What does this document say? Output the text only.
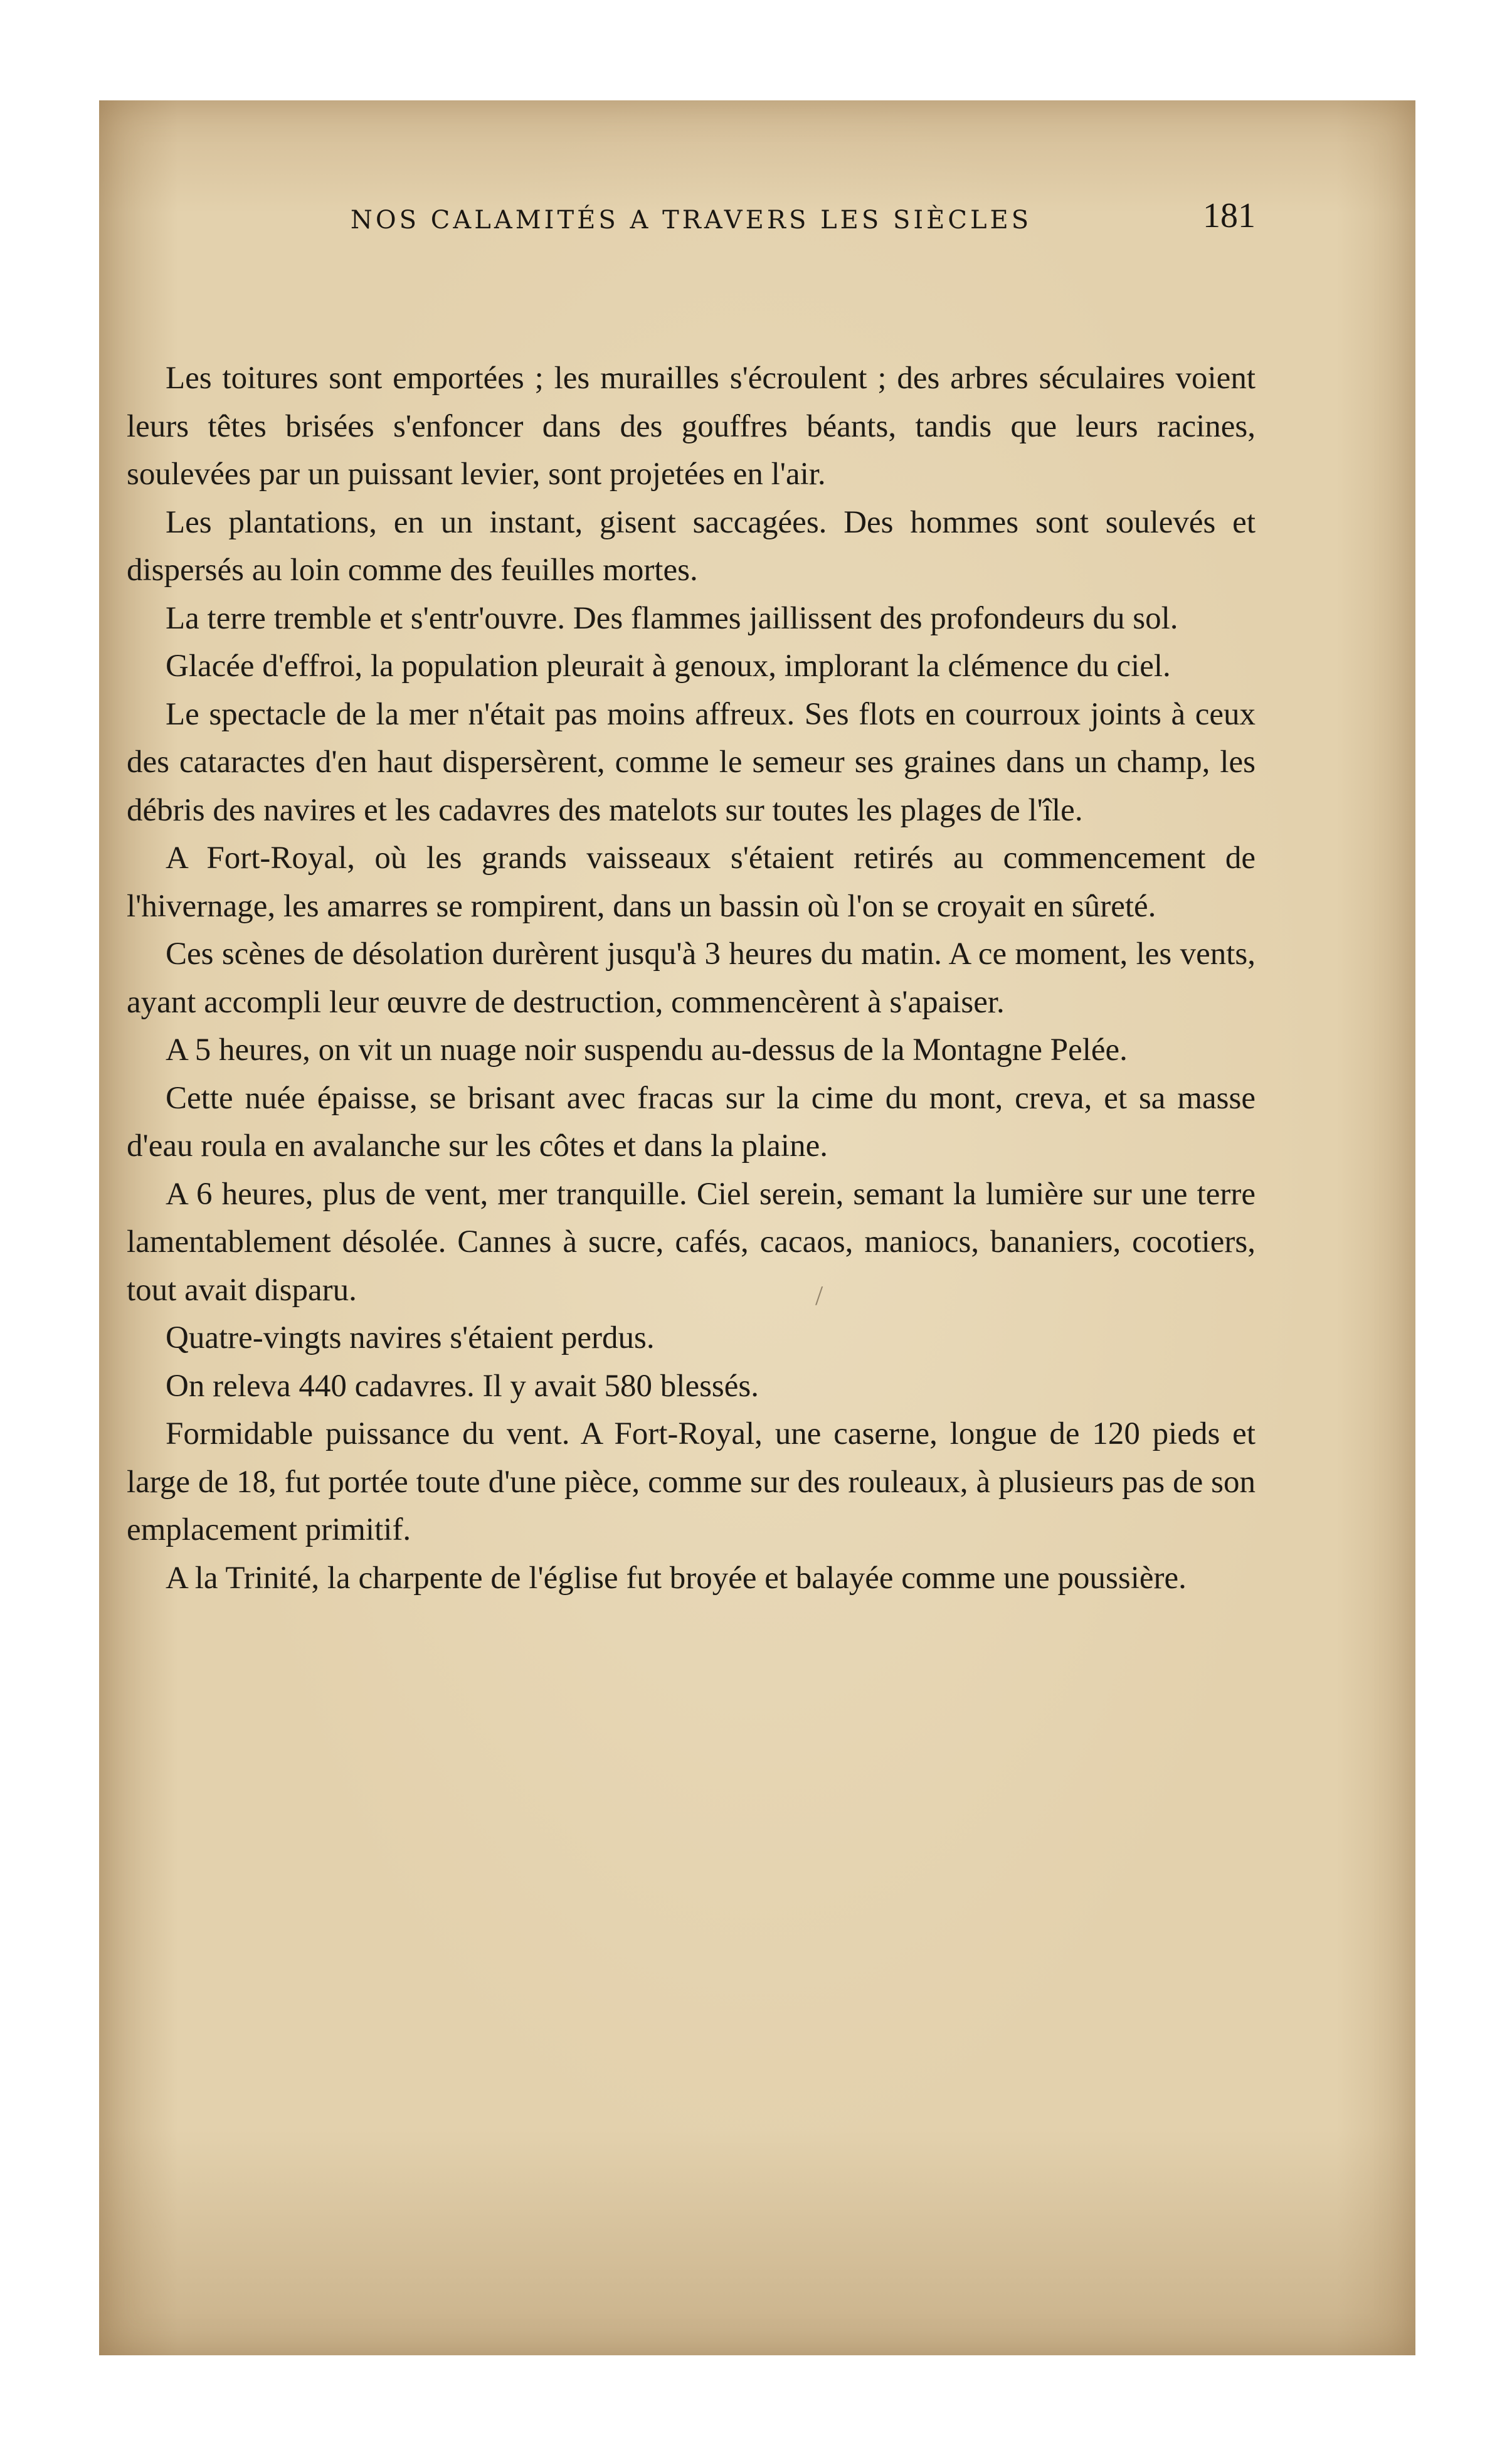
NOS CALAMITÉS A TRAVERS LES SIÈCLES	181

Les toitures sont emportées ; les murailles s'écroulent ; des arbres séculaires voient leurs têtes brisées s'enfoncer dans des gouffres béants, tandis que leurs racines, soulevées par un puissant levier, sont projetées en l'air.

Les plantations, en un instant, gisent saccagées. Des hommes sont soulevés et dispersés au loin comme des feuilles mortes.

La terre tremble et s'entr'ouvre. Des flammes jaillissent des profondeurs du sol.

Glacée d'effroi, la population pleurait à genoux, implorant la clémence du ciel.

Le spectacle de la mer n'était pas moins affreux. Ses flots en courroux joints à ceux des cataractes d'en haut dispersèrent, comme le semeur ses graines dans un champ, les débris des navires et les cadavres des matelots sur toutes les plages de l'île.

A Fort-Royal, où les grands vaisseaux s'étaient retirés au commencement de l'hivernage, les amarres se rompirent, dans un bassin où l'on se croyait en sûreté.

Ces scènes de désolation durèrent jusqu'à 3 heures du matin. A ce moment, les vents, ayant accompli leur œuvre de destruction, commencèrent à s'apaiser.

A 5 heures, on vit un nuage noir suspendu au-dessus de la Montagne Pelée.

Cette nuée épaisse, se brisant avec fracas sur la cime du mont, creva, et sa masse d'eau roula en avalanche sur les côtes et dans la plaine.

A 6 heures, plus de vent, mer tranquille. Ciel serein, semant la lumière sur une terre lamentablement désolée. Cannes à sucre, cafés, cacaos, maniocs, bananiers, cocotiers, tout avait disparu.

Quatre-vingts navires s'étaient perdus.

On releva 440 cadavres. Il y avait 580 blessés.

Formidable puissance du vent. A Fort-Royal, une caserne, longue de 120 pieds et large de 18, fut portée toute d'une pièce, comme sur des rouleaux, à plusieurs pas de son emplacement primitif.

A la Trinité, la charpente de l'église fut broyée et balayée comme une poussière.

/
